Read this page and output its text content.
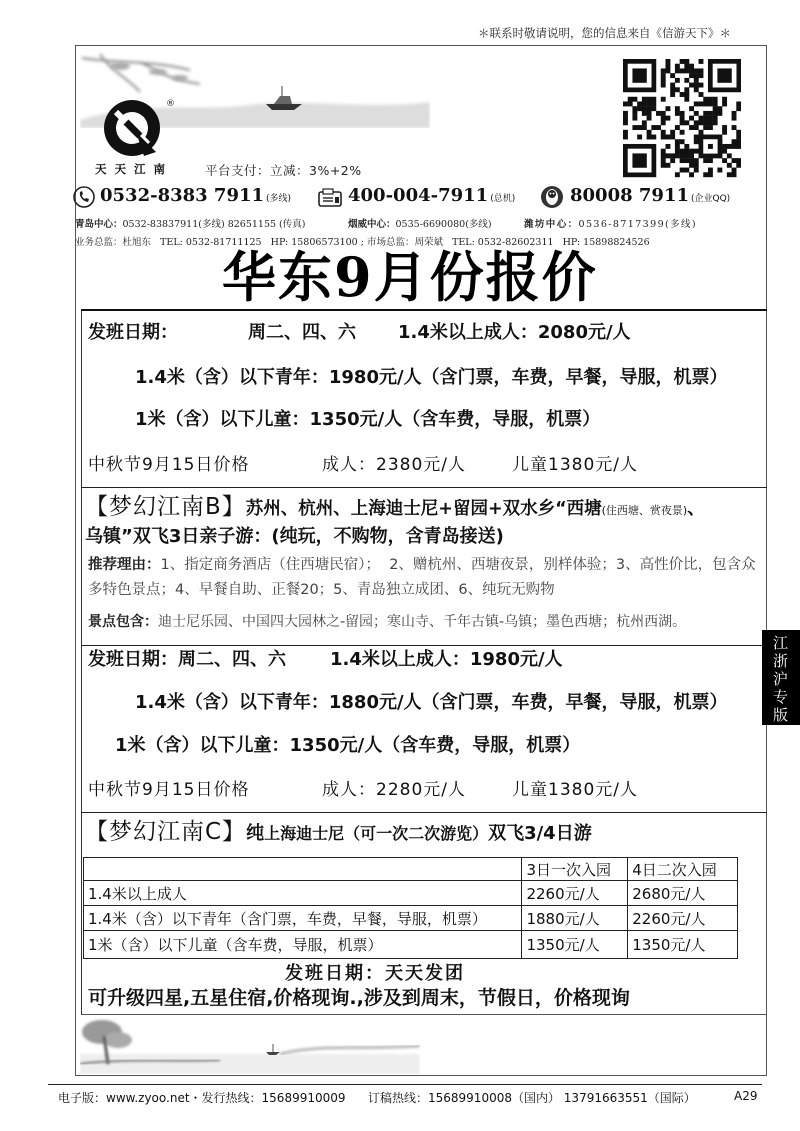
＊联系时敬请说明，您的信息来自《信游天下》＊
®
天 天 江 南	平台支付：立减：3%+2%
0532-8383 7911 (多线)	400-004-7911 (总机)	80008 7911 (企业QQ)
青岛中心：0532-83837911(多线) 82651155 (传真)	烟威中心：0535-6690080(多线)	潍坊中心：0536-8717399(多线)
业务总监：杜旭东   TEL: 0532-81711125   HP: 15806573100 ; 市场总监：周荣斌   TEL: 0532-82602311   HP: 15898824526
华东9月份报价
发班日期：	周二、四、六 1.4米以上成人：2080元/人
1.4米（含）以下青年：1980元/人（含门票，车费，早餐，导服，机票）
1米（含）以下儿童：1350元/人（含车费，导服，机票）
中秋节9月15日价格	成人：2380元/人	儿童1380元/人
【梦幻江南B】苏州、杭州、上海迪士尼+留园+双水乡“西塘(住西塘、赏夜景)、
乌镇”双飞3日亲子游：(纯玩，不购物，含青岛接送)
推荐理由：1、指定商务酒店（住西塘民宿）；  2、赠杭州、西塘夜景，别样体验；3、高性价比，包含众
多特色景点；4、早餐自助、正餐20；5、青岛独立成团、6、纯玩无购物
景点包含：迪士尼乐园、中国四大园林之-留园；寒山寺、千年古镇-乌镇；墨色西塘；杭州西湖。
发班日期：周二、四、六 1.4米以上成人：1980元/人
1.4米（含）以下青年：1880元/人（含门票，车费，早餐，导服，机票）
1米（含）以下儿童：1350元/人（含车费，导服，机票）
中秋节9月15日价格	成人：2280元/人	儿童1380元/人
【梦幻江南C】纯上海迪士尼（可一次二次游览）双飞3/4日游
	3日一次入园	4日二次入园
1.4米以上成人	2260元/人	2680元/人
1.4米（含）以下青年（含门票，车费，早餐，导服，机票）	1880元/人	2260元/人
1米（含）以下儿童（含车费，导服，机票）	1350元/人	1350元/人
发班日期：天天发团
可升级四星,五星住宿,价格现询.,涉及到周末，节假日，价格现询
江浙沪专版
电子版：www.zyoo.net・发行热线：15689910009 订稿热线：15689910008（国内） 13791663551（国际）	A29
